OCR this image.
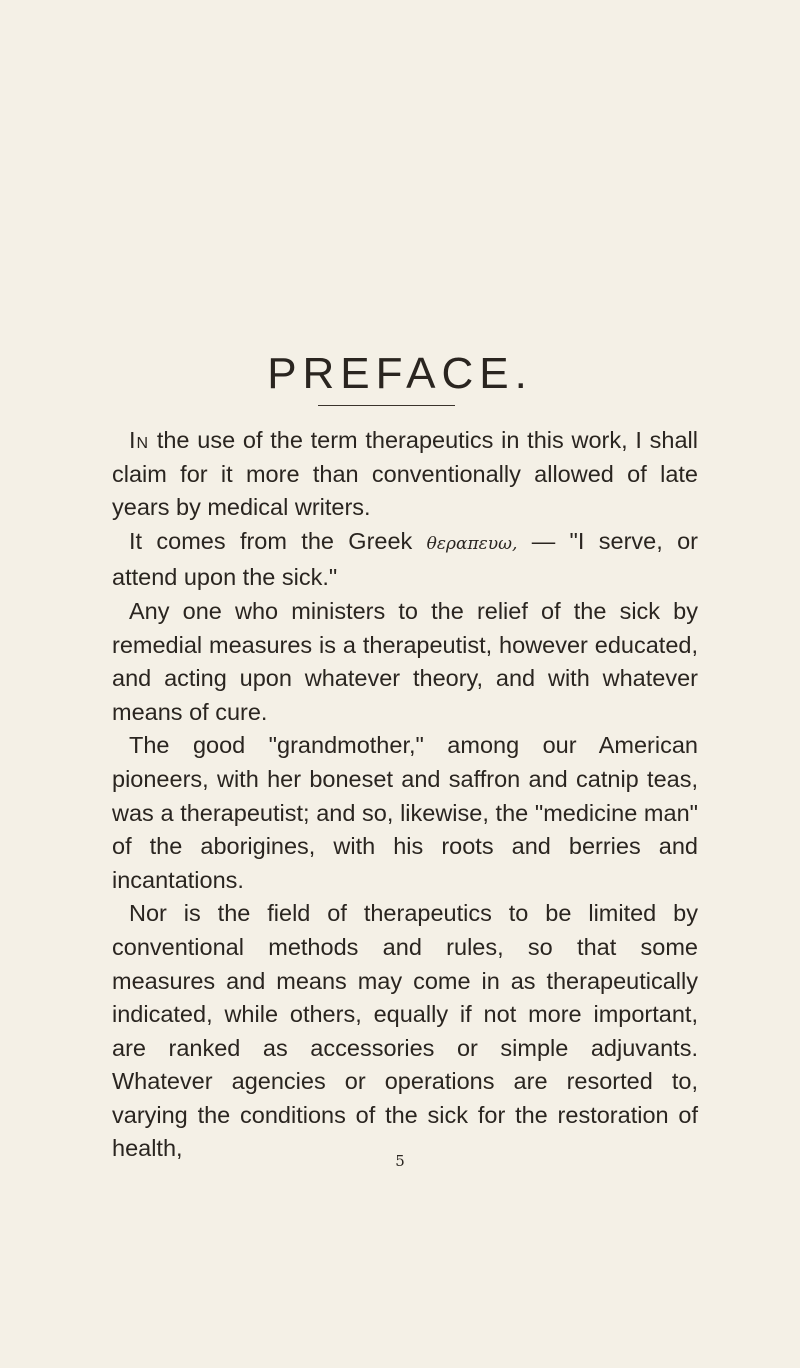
PREFACE.

In the use of the term therapeutics in this work, I shall claim for it more than conventionally allowed of late years by medical writers.

It comes from the Greek θεραπευω, — "I serve, or attend upon the sick."

Any one who ministers to the relief of the sick by remedial measures is a therapeutist, however educated, and acting upon whatever theory, and with whatever means of cure.

The good "grandmother," among our American pioneers, with her boneset and saffron and catnip teas, was a therapeutist; and so, likewise, the "medicine man" of the aborigines, with his roots and berries and incantations.

Nor is the field of therapeutics to be limited by conventional methods and rules, so that some measures and means may come in as therapeutically indicated, while others, equally if not more important, are ranked as accessories or simple adjuvants. Whatever agencies or operations are resorted to, varying the conditions of the sick for the restoration of health,	5
